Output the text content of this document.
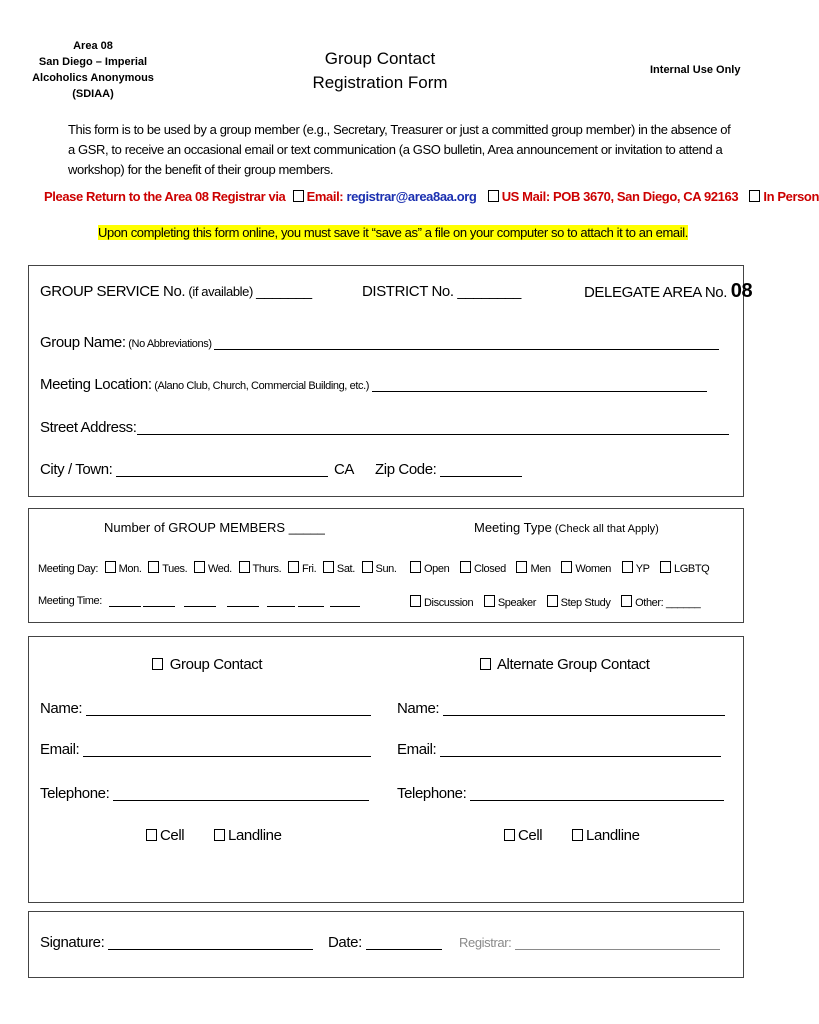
Area 08
San Diego – Imperial
Alcoholics Anonymous
(SDIAA)
Group Contact
Registration Form
Internal Use Only
This form is to be used by a group member (e.g., Secretary, Treasurer or just a committed group member) in the absence of
a GSR, to receive an occasional email or text communication (a GSO bulletin, Area announcement or invitation to attend a
workshop) for the benefit of their group members.
Please Return to the Area 08 Registrar via Email: registrar@area8aa.org US Mail: POB 3670, San Diego, CA 92163 In Person
Upon completing this form online, you must save it “save as” a file on your computer so to attach it to an email.
GROUP SERVICE No. (if available) _______	DISTRICT No. ________	DELEGATE AREA No. 08
Group Name: (No Abbreviations)
Meeting Location: (Alano Club, Church, Commercial Building, etc.)
Street Address:
City / Town:	CA Zip Code:
Number of GROUP MEMBERS _____	Meeting Type (Check all that Apply)
Meeting Day: Mon. Tues. Wed. Thurs. Fri. Sat. Sun.
Meeting Time:
Open Closed Men Women YP LGBTQ
Discussion Speaker Step Study Other: ______
Group Contact	Alternate Group Contact
Name:	Name:
Email:	Email:
Telephone:	Telephone:
Cell	Landline	Cell	Landline
Signature:	Date:	Registrar:
